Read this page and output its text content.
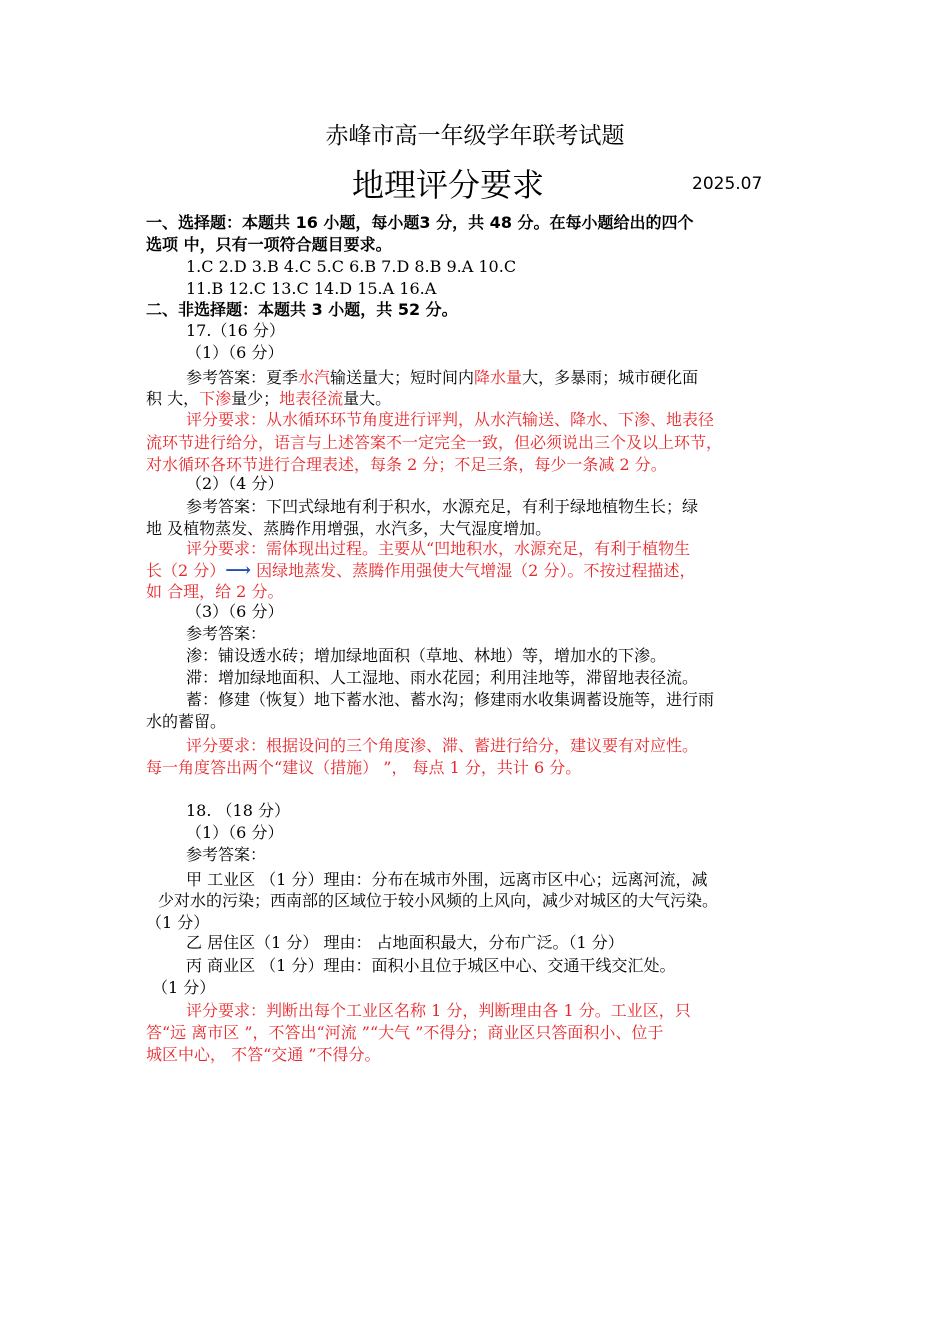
赤峰市高一年级学年联考试题
地理评分要求	2025.07
一、选择题：本题共 16 小题，每小题3 分，共 48 分。在每小题给出的四个
选项 中，只有一项符合题目要求。
1.C 2.D 3.B 4.C 5.C 6.B 7.D 8.B 9.A 10.C
11.B 12.C 13.C 14.D 15.A 16.A
二、非选择题：本题共 3 小题，共 52 分。
17.（16 分）
（1）（6 分）
参考答案：夏季水汽输送量大；短时间内降水量大，多暴雨；城市硬化面
积 大，下渗量少；地表径流量大。
评分要求：从水循环环节角度进行评判，从水汽输送、降水、下渗、地表径
流环节进行给分，语言与上述答案不一定完全一致，但必须说出三个及以上环节，
对水循环各环节进行合理表述，每条 2 分；不足三条，每少一条减 2 分。
（2）（4 分）
参考答案：下凹式绿地有利于积水，水源充足，有利于绿地植物生长；绿
地 及植物蒸发、蒸腾作用增强，水汽多，大气湿度增加。
评分要求：需体现出过程。主要从“凹地积水，水源充足，有利于植物生
长（2 分）⟶ 因绿地蒸发、蒸腾作用强使大气增湿（2 分）。不按过程描述，
如 合理，给 2 分。
（3）（6 分）
参考答案：
渗：铺设透水砖；增加绿地面积（草地、林地）等，增加水的下渗。
滞：增加绿地面积、人工湿地、雨水花园；利用洼地等，滞留地表径流。
蓄：修建（恢复）地下蓄水池、蓄水沟；修建雨水收集调蓄设施等，进行雨
水的蓄留。
评分要求：根据设问的三个角度渗、滞、蓄进行给分，建议要有对应性。
每一角度答出两个“建议（措施） ”， 每点 1 分，共计 6 分。
18. （18 分）
（1）（6 分）
参考答案：
甲 工业区 （1 分）理由：分布在城市外围，远离市区中心；远离河流，减
少对水的污染；西南部的区域位于较小风频的上风向，减少对城区的大气污染。
（1 分）
乙 居住区（1 分） 理由： 占地面积最大，分布广泛。（1 分）
丙 商业区 （1 分）理由：面积小且位于城区中心、交通干线交汇处。
（1 分）
评分要求：判断出每个工业区名称 1 分，判断理由各 1 分。工业区，只
答“远 离市区 ”，不答出“河流 ”“大气 ”不得分；商业区只答面积小、位于
城区中心， 不答“交通 ”不得分。
